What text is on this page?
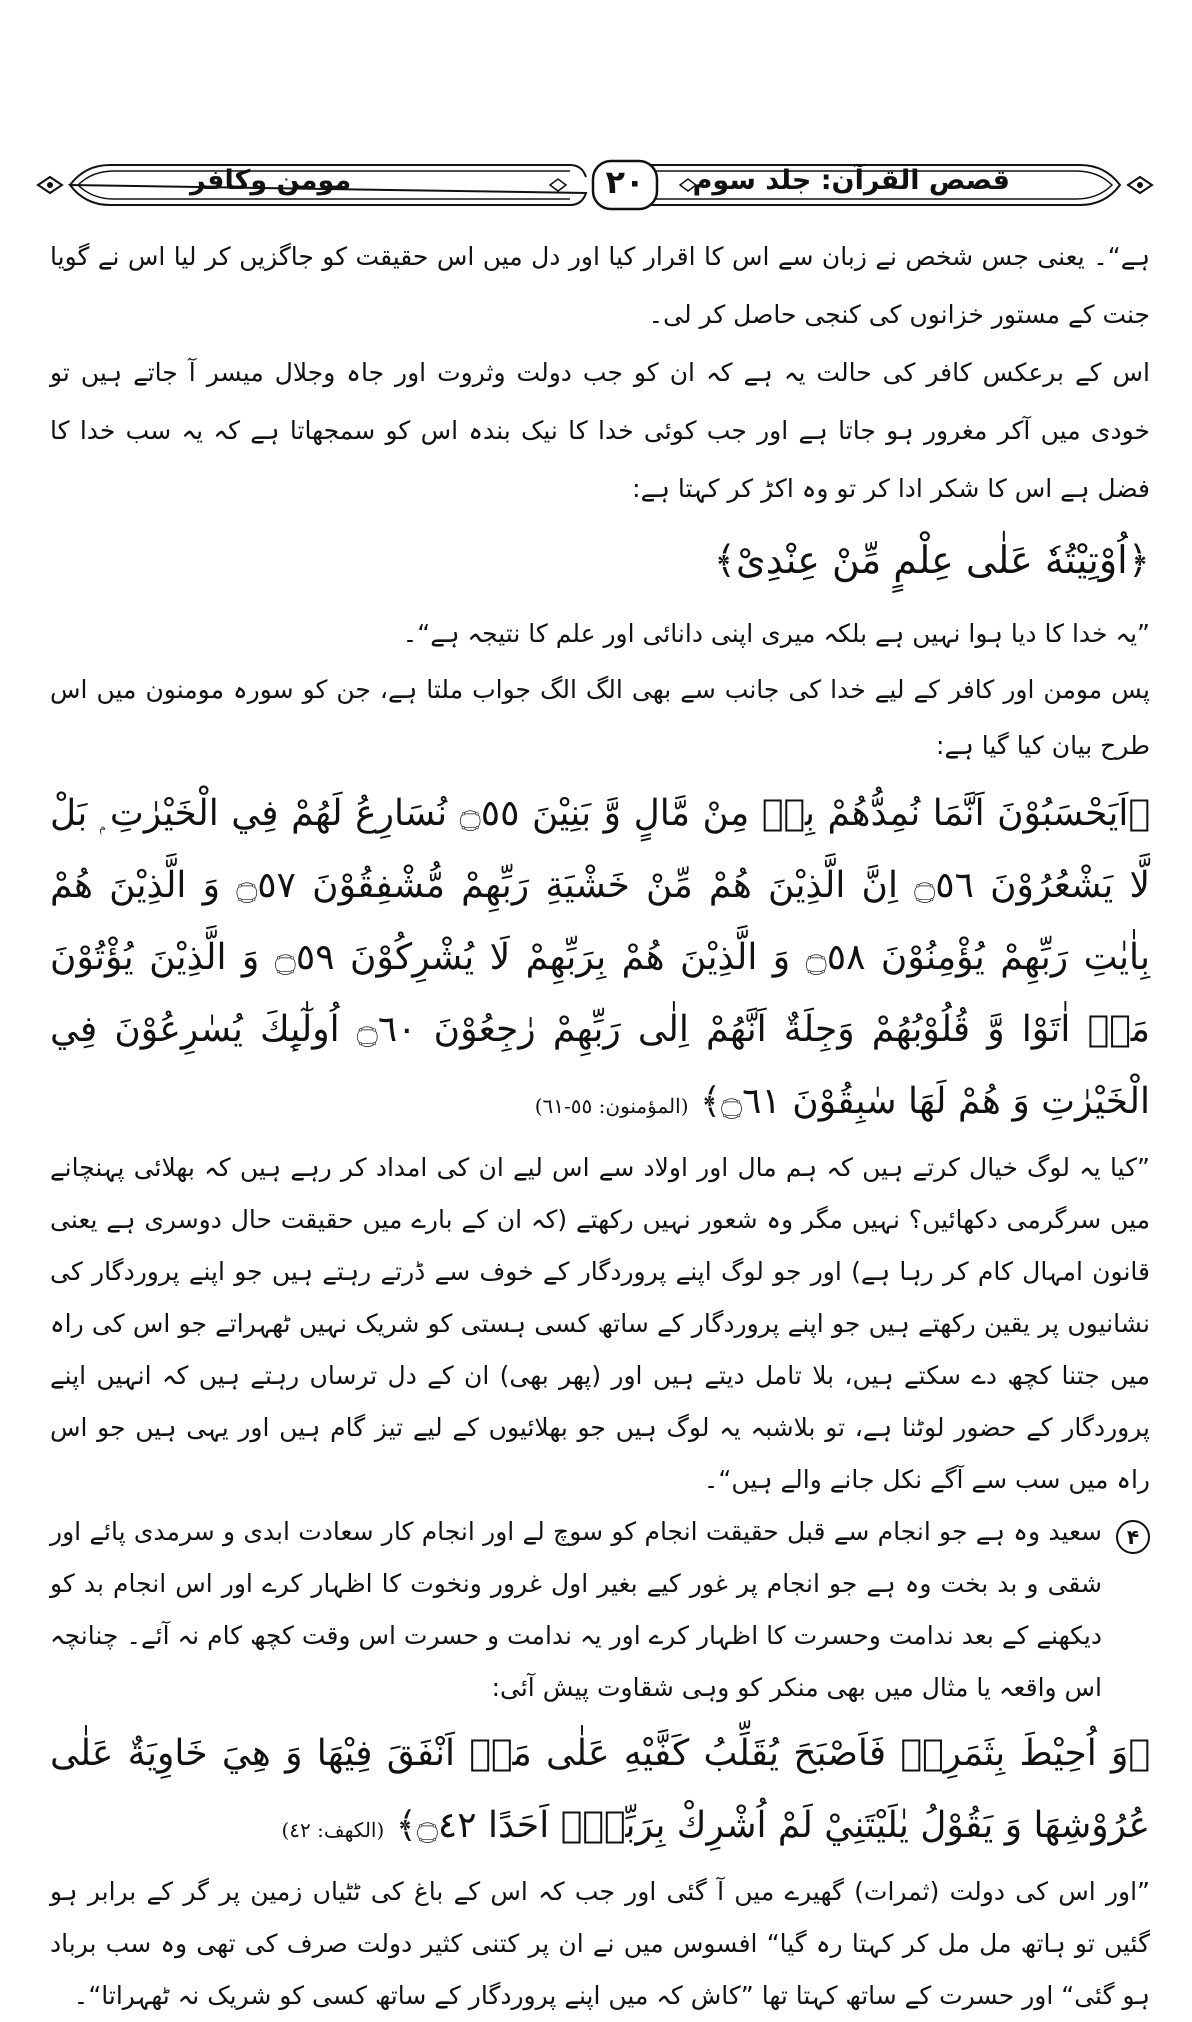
قصص القرآن: جلد سوم
٢٠
مومن وکافر

ہے“۔ یعنی جس شخص نے زبان سے اس کا اقرار کیا اور دل میں اس حقیقت کو جاگزیں کر لیا اس نے گویا جنت کے مستور خزانوں کی کنجی حاصل کر لی۔

اس کے برعکس کافر کی حالت یہ ہے کہ ان کو جب دولت وثروت اور جاہ وجلال میسر آ جاتے ہیں تو خودی میں آکر مغرور ہو جاتا ہے اور جب کوئی خدا کا نیک بندہ اس کو سمجھاتا ہے کہ یہ سب خدا کا فضل ہے اس کا شکر ادا کر تو وہ اکڑ کر کہتا ہے:

﴿اُوْتِيْتُهٗ عَلٰى عِلْمٍ مِّنْ عِنْدِیْ﴾

”یہ خدا کا دیا ہوا نہیں ہے بلکہ میری اپنی دانائی اور علم کا نتیجہ ہے“۔

پس مومن اور کافر کے لیے خدا کی جانب سے بھی الگ الگ جواب ملتا ہے، جن کو سورہ مومنون میں اس طرح بیان کیا گیا ہے:

﴿اَيَحْسَبُوْنَ اَنَّمَا نُمِدُّهُمْ بِهٖ مِنْ مَّالٍ وَّ بَنِيْنَ ۝٥٥ نُسَارِعُ لَهُمْ فِي الْخَيْرٰتِ ۭ بَلْ لَّا يَشْعُرُوْنَ ۝٥٦ اِنَّ الَّذِيْنَ هُمْ مِّنْ خَشْيَةِ رَبِّهِمْ مُّشْفِقُوْنَ ۝٥٧ وَ الَّذِيْنَ هُمْ بِاٰيٰتِ رَبِّهِمْ يُؤْمِنُوْنَ ۝٥٨ وَ الَّذِيْنَ هُمْ بِرَبِّهِمْ لَا يُشْرِكُوْنَ ۝٥٩ وَ الَّذِيْنَ يُؤْتُوْنَ مَاۤ اٰتَوْا وَّ قُلُوْبُهُمْ وَجِلَةٌ اَنَّهُمْ اِلٰى رَبِّهِمْ رٰجِعُوْنَ ۝٦٠ اُولٰٓىِٕكَ يُسٰرِعُوْنَ فِي الْخَيْرٰتِ وَ هُمْ لَهَا سٰبِقُوْنَ ۝٦١﴾ (المؤمنون: ٥٥-٦١)

”کیا یہ لوگ خیال کرتے ہیں کہ ہم مال اور اولاد سے اس لیے ان کی امداد کر رہے ہیں کہ بھلائی پہنچانے میں سرگرمی دکھائیں؟ نہیں مگر وہ شعور نہیں رکھتے (کہ ان کے بارے میں حقیقت حال دوسری ہے یعنی قانون امہال کام کر رہا ہے) اور جو لوگ اپنے پروردگار کے خوف سے ڈرتے رہتے ہیں جو اپنے پروردگار کی نشانیوں پر یقین رکھتے ہیں جو اپنے پروردگار کے ساتھ کسی ہستی کو شریک نہیں ٹھہراتے جو اس کی راہ میں جتنا کچھ دے سکتے ہیں، بلا تامل دیتے ہیں اور (پھر بھی) ان کے دل ترساں رہتے ہیں کہ انہیں اپنے پروردگار کے حضور لوٹنا ہے، تو بلاشبہ یہ لوگ ہیں جو بھلائیوں کے لیے تیز گام ہیں اور یہی ہیں جو اس راہ میں سب سے آگے نکل جانے والے ہیں“۔

۴

سعید وہ ہے جو انجام سے قبل حقیقت انجام کو سوچ لے اور انجام کار سعادت ابدی و سرمدی پائے اور شقی و بد بخت وہ ہے جو انجام پر غور کیے بغیر اول غرور ونخوت کا اظہار کرے اور اس انجام بد کو دیکھنے کے بعد ندامت وحسرت کا اظہار کرے اور یہ ندامت و حسرت اس وقت کچھ کام نہ آئے۔ چنانچہ اس واقعہ یا مثال میں بھی منکر کو وہی شقاوت پیش آئی:

﴿وَ اُحِيْطَ بِثَمَرِهٖ فَاَصْبَحَ يُقَلِّبُ كَفَّيْهِ عَلٰى مَاۤ اَنْفَقَ فِيْهَا وَ هِيَ خَاوِيَةٌ عَلٰى عُرُوْشِهَا وَ يَقُوْلُ يٰلَيْتَنِيْ لَمْ اُشْرِكْ بِرَبِّيْۤ اَحَدًا ۝٤٢﴾ (الکھف: ٤٢)

”اور اس کی دولت (ثمرات) گھیرے میں آ گئی اور جب کہ اس کے باغ کی ٹٹیاں زمین پر گر کے برابر ہو گئیں تو ہاتھ مل مل کر کہتا رہ گیا“ افسوس میں نے ان پر کتنی کثیر دولت صرف کی تھی وہ سب برباد ہو گئی“ اور حسرت کے ساتھ کہتا تھا ”کاش کہ میں اپنے پروردگار کے ساتھ کسی کو شریک نہ ٹھہراتا“۔
